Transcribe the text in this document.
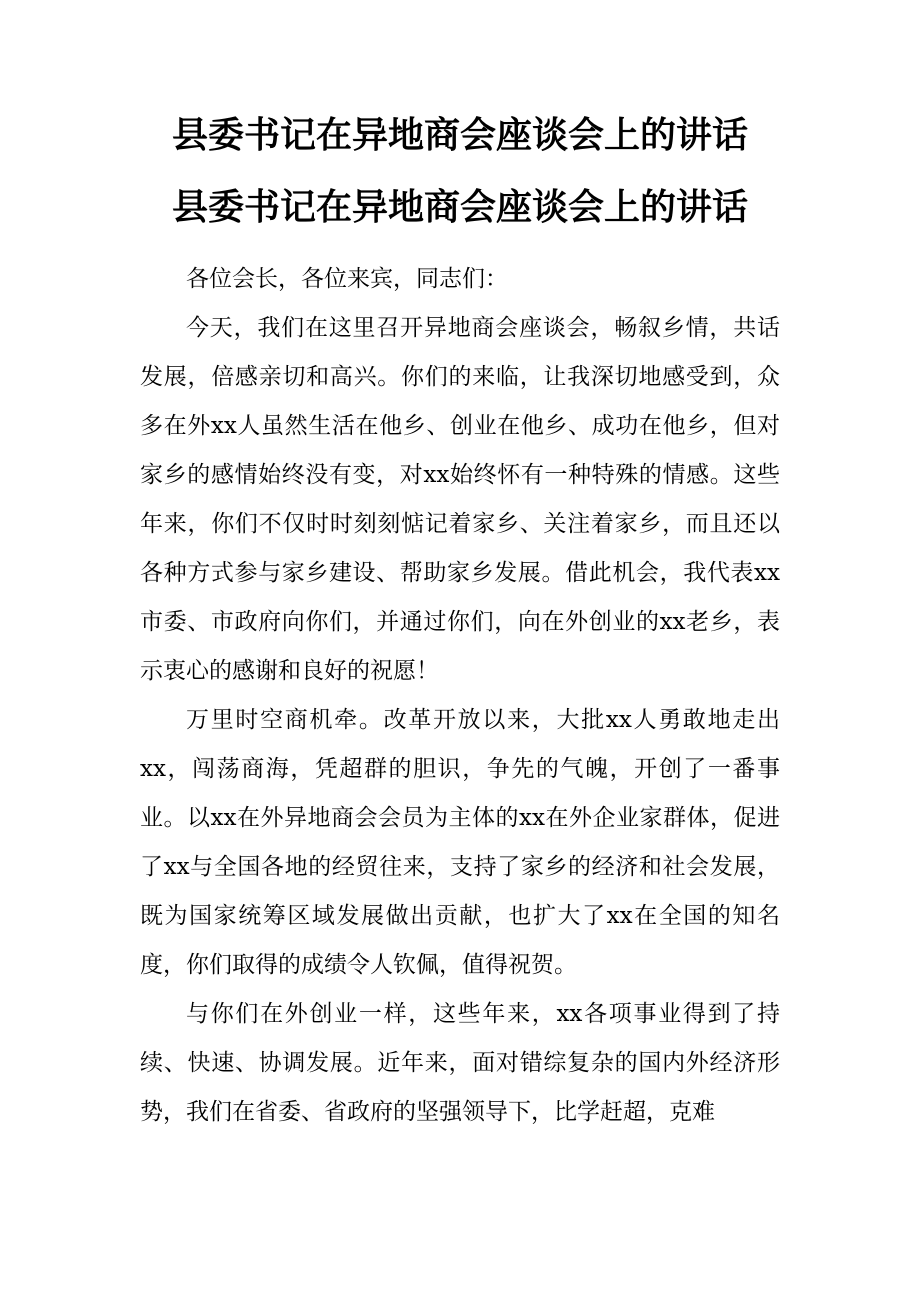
县委书记在异地商会座谈会上的讲话
县委书记在异地商会座谈会上的讲话

各位会长，各位来宾，同志们：

今天，我们在这里召开异地商会座谈会，畅叙乡情，共话发展，倍感亲切和高兴。你们的来临，让我深切地感受到，众多在外xx人虽然生活在他乡、创业在他乡、成功在他乡，但对家乡的感情始终没有变，对xx始终怀有一种特殊的情感。这些年来，你们不仅时时刻刻惦记着家乡、关注着家乡，而且还以各种方式参与家乡建设、帮助家乡发展。借此机会，我代表xx市委、市政府向你们，并通过你们，向在外创业的xx老乡，表示衷心的感谢和良好的祝愿！

万里时空商机牵。改革开放以来，大批xx人勇敢地走出xx，闯荡商海，凭超群的胆识，争先的气魄，开创了一番事业。以xx在外异地商会会员为主体的xx在外企业家群体，促进了xx与全国各地的经贸往来，支持了家乡的经济和社会发展，既为国家统筹区域发展做出贡献，也扩大了xx在全国的知名度，你们取得的成绩令人钦佩，值得祝贺。

与你们在外创业一样，这些年来，xx各项事业得到了持续、快速、协调发展。近年来，面对错综复杂的国内外经济形势，我们在省委、省政府的坚强领导下，比学赶超，克难
